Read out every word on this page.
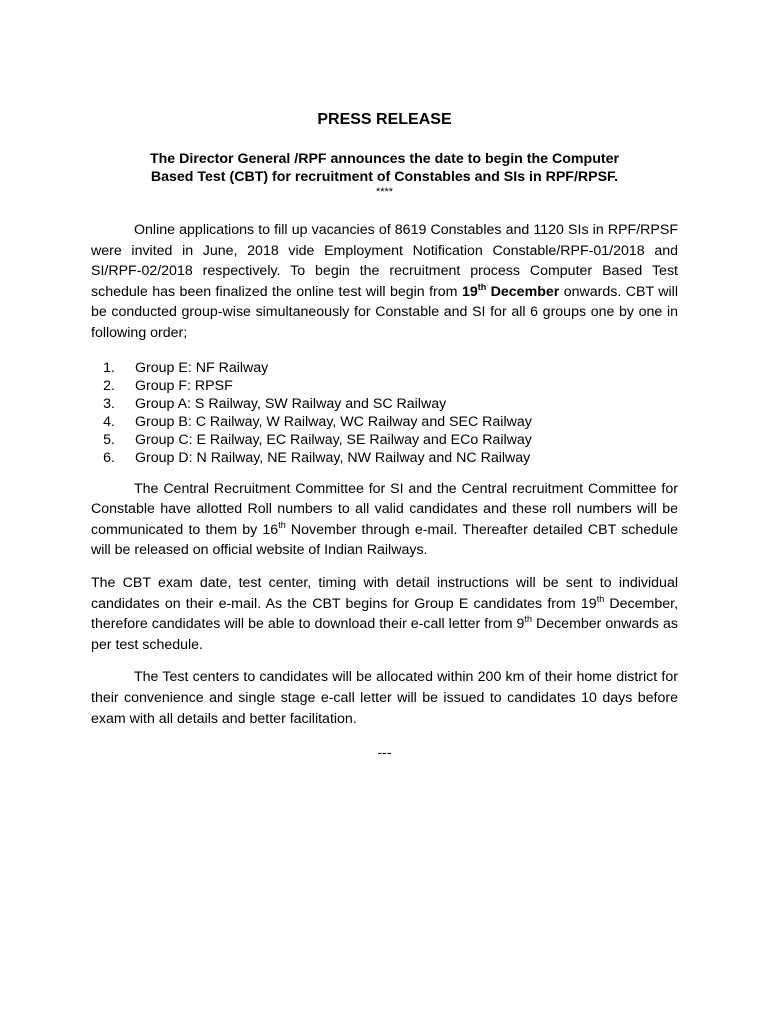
PRESS RELEASE
The Director General /RPF announces the date to begin the Computer
Based Test (CBT) for recruitment of Constables and SIs in RPF/RPSF.
****

Online applications to fill up vacancies of 8619 Constables and 1120 SIs in RPF/RPSF were invited in June, 2018 vide Employment Notification Constable/RPF-01/2018 and SI/RPF-02/2018 respectively. To begin the recruitment process Computer Based Test schedule has been finalized the online test will begin from 19th December onwards. CBT will be conducted group-wise simultaneously for Constable and SI for all 6 groups one by one in following order;

1. Group E: NF Railway
2. Group F: RPSF
3. Group A: S Railway, SW Railway and SC Railway
4. Group B: C Railway, W Railway, WC Railway and SEC Railway
5. Group C: E Railway, EC Railway, SE Railway and ECo Railway
6. Group D: N Railway, NE Railway, NW Railway and NC Railway

The Central Recruitment Committee for SI and the Central recruitment Committee for Constable have allotted Roll numbers to all valid candidates and these roll numbers will be communicated to them by 16th November through e-mail. Thereafter detailed CBT schedule will be released on official website of Indian Railways.

The CBT exam date, test center, timing with detail instructions will be sent to individual candidates on their e-mail. As the CBT begins for Group E candidates from 19th December, therefore candidates will be able to download their e-call letter from 9th December onwards as per test schedule.

The Test centers to candidates will be allocated within 200 km of their home district for their convenience and single stage e-call letter will be issued to candidates 10 days before exam with all details and better facilitation.

---
